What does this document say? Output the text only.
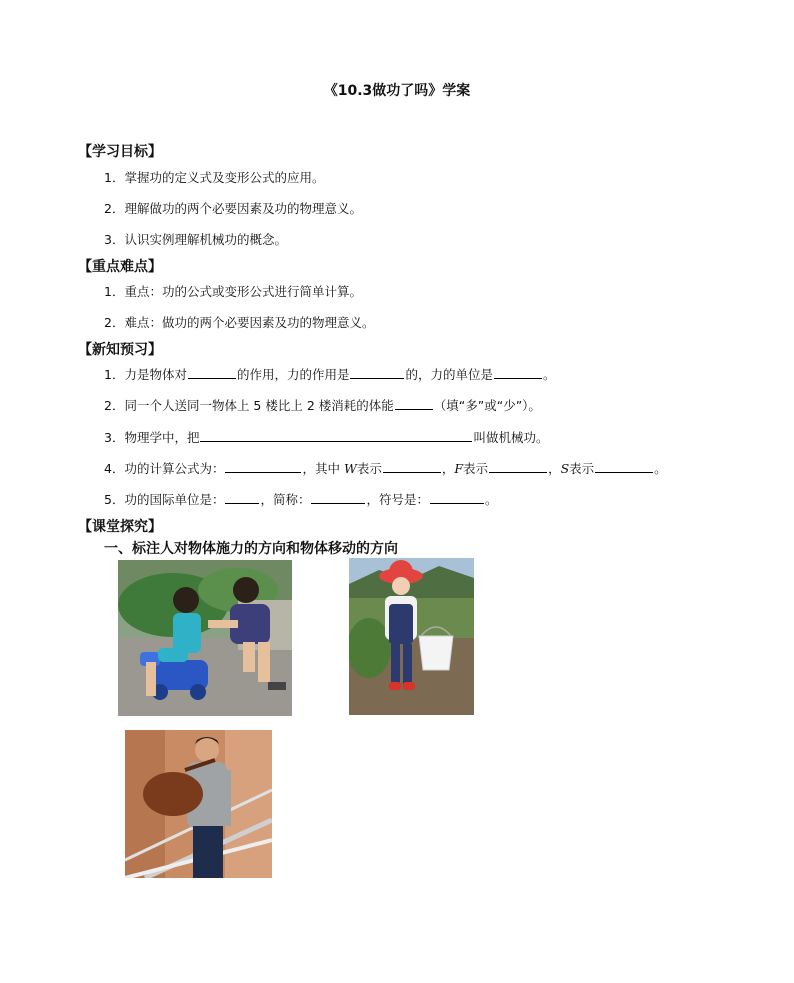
《10.3做功了吗》学案
【学习目标】
1．掌握功的定义式及变形公式的应用。
2．理解做功的两个必要因素及功的物理意义。
3．认识实例理解机械功的概念。
【重点难点】
1．重点：功的公式或变形公式进行简单计算。
2．难点：做功的两个必要因素及功的物理意义。
【新知预习】
1．力是物体对	的作用，力的作用是	的，力的单位是	。
2．同一个人送同一物体上 5 楼比上 2 楼消耗的体能	（填“多”或“少”）。
3．物理学中，把	叫做机械功。
4．功的计算公式为：	，其中 W表示	，F表示	，S表示	。
5．功的国际单位是：	，简称：	，符号是：	。
【课堂探究】
一、标注人对物体施力的方向和物体移动的方向
